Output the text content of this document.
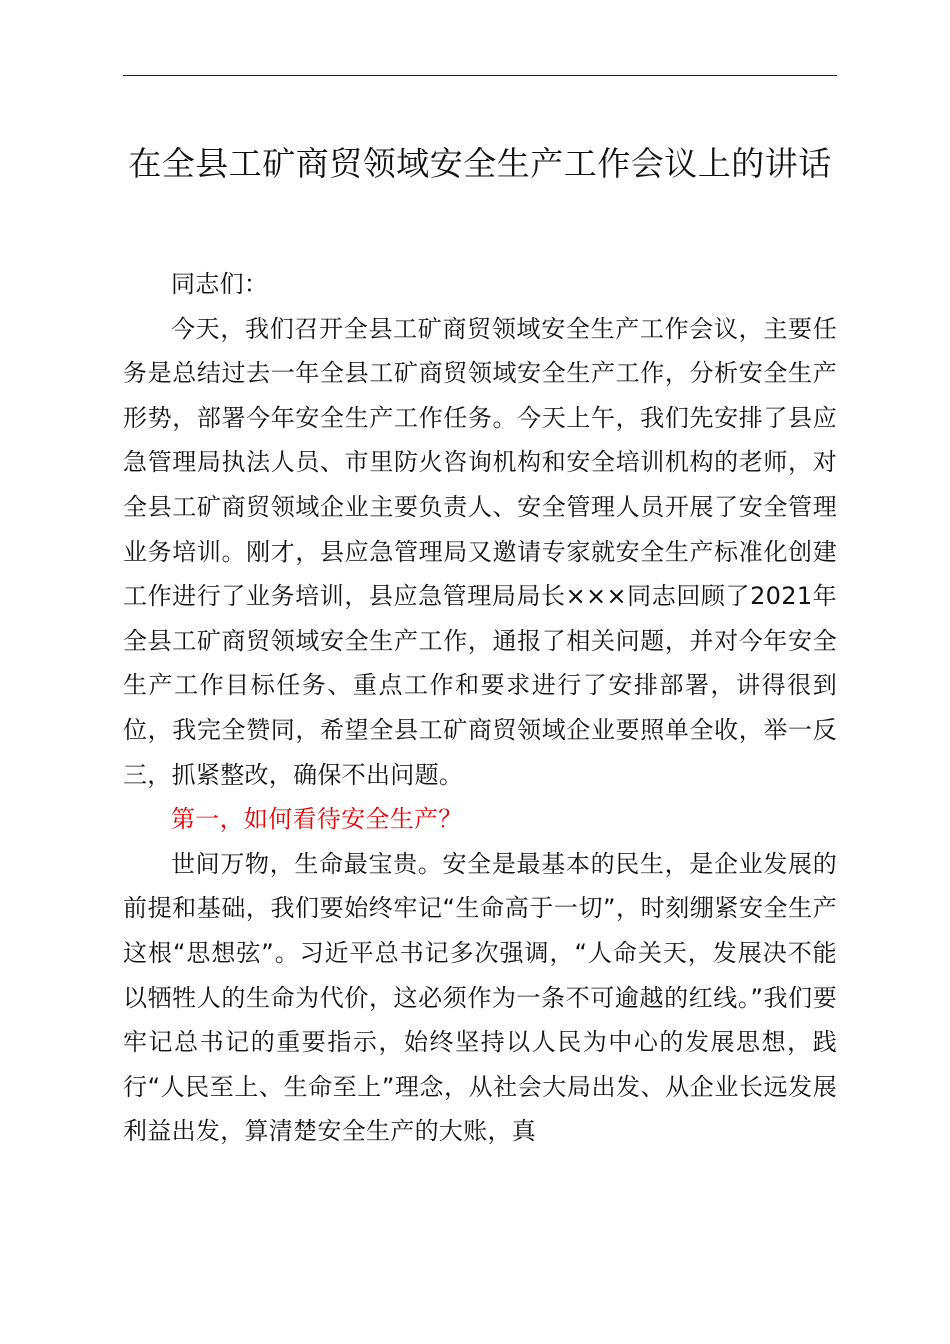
在全县工矿商贸领域安全生产工作会议上的讲话

同志们：

今天，我们召开全县工矿商贸领域安全生产工作会议，主要任务是总结过去一年全县工矿商贸领域安全生产工作，分析安全生产形势，部署今年安全生产工作任务。今天上午，我们先安排了县应急管理局执法人员、市里防火咨询机构和安全培训机构的老师，对全县工矿商贸领域企业主要负责人、安全管理人员开展了安全管理业务培训。刚才，县应急管理局又邀请专家就安全生产标准化创建工作进行了业务培训，县应急管理局局长×××同志回顾了2021年全县工矿商贸领域安全生产工作，通报了相关问题，并对今年安全生产工作目标任务、重点工作和要求进行了安排部署，讲得很到位，我完全赞同，希望全县工矿商贸领域企业要照单全收，举一反三，抓紧整改，确保不出问题。

第一，如何看待安全生产？

世间万物，生命最宝贵。安全是最基本的民生，是企业发展的前提和基础，我们要始终牢记“生命高于一切”，时刻绷紧安全生产这根“思想弦”。习近平总书记多次强调，“人命关天，发展决不能以牺牲人的生命为代价，这必须作为一条不可逾越的红线。”我们要牢记总书记的重要指示，始终坚持以人民为中心的发展思想，践行“人民至上、生命至上”理念，从社会大局出发、从企业长远发展利益出发，算清楚安全生产的大账，真
